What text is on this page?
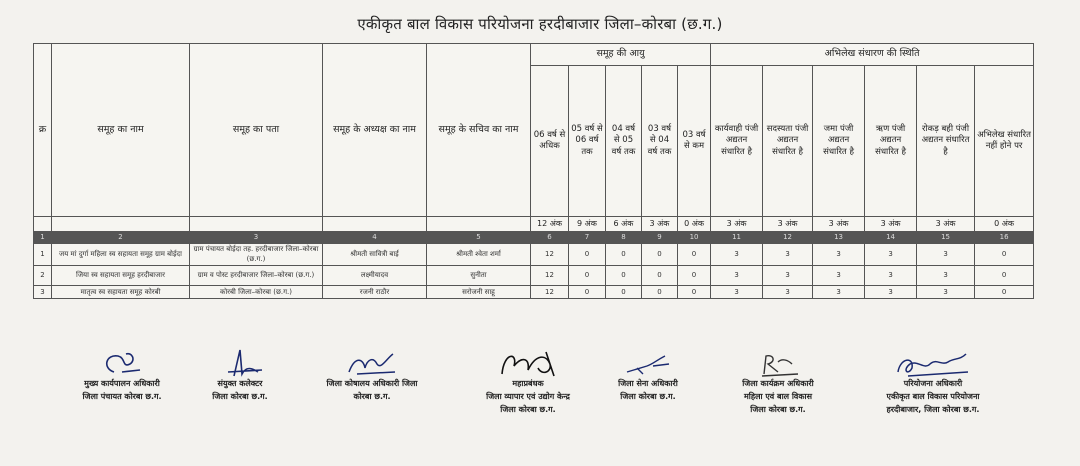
एकीकृत बाल विकास परियोजना हरदीबाजार जिला–कोरबा (छ.ग.)
क्र	समूह का नाम	समूह का पता	समूह के अध्यक्ष का नाम	समूह के सचिव का नाम	समूह की आयु					अभिलेख संधारण की स्थिति					
					06 वर्ष से अधिक	05 वर्ष से 06 वर्ष तक	04 वर्ष से 05 वर्ष तक	03 वर्ष से 04 वर्ष तक	03 वर्ष से कम	कार्यवाही पंजी अद्यतन संधारित है	सदस्यता पंजी अद्यतन संधारित है	जमा पंजी अद्यतन संधारित है	ऋण पंजी अद्यतन संधारित है	रोकड़ बही पंजी अद्यतन संधारित है	अभिलेख संधारित नहीं होने पर
					12 अंक	9 अंक	6 अंक	3 अंक	0 अंक	3 अंक	3 अंक	3 अंक	3 अंक	3 अंक	0 अंक
1	2	3	4	5	6	7	8	9	10	11	12	13	14	15	16
1	जय मां दुर्गा महिला स्व सहायता समूह ग्राम बोईदा	ग्राम पंचायत बोईदा तह. हरदीबाजार जिला–कोरबा (छ.ग.)	श्रीमती सावित्री बाई	श्रीमती श्वेता शर्मा	12	0	0	0	0	3	3	3	3	3	0
2	जिया स्व सहायता समूह हरदीबाजार	ग्राम व पोस्ट हरदीबाजार जिला–कोरबा (छ.ग.)	लक्ष्मीयादव	सुनीता	12	0	0	0	0	3	3	3	3	3	0
3	मातृत्व स्व सहायता समूह कोरबी	कोरबी जिला–कोरबा (छ.ग.)	रजनी राठौर	सरोजनी साहू	12	0	0	0	0	3	3	3	3	3	0
मुख्य कार्यपालन अधिकारी
जिला पंचायत कोरबा छ.ग.
संयुक्त कलेक्टर
जिला कोरबा छ.ग.
जिला कोषालय अधिकारी जिला
कोरबा छ.ग.
महाप्रबंधक
जिला व्यापार एवं उद्योग केन्द्र
जिला कोरबा छ.ग.
जिला सेना अधिकारी
जिला कोरबा छ.ग.
जिला कार्यक्रम अधिकारी
महिला एवं बाल विकास
जिला कोरबा छ.ग.
परियोजना अधिकारी
एकीकृत बाल विकास परियोजना
हरदीबाजार, जिला कोरबा छ.ग.
